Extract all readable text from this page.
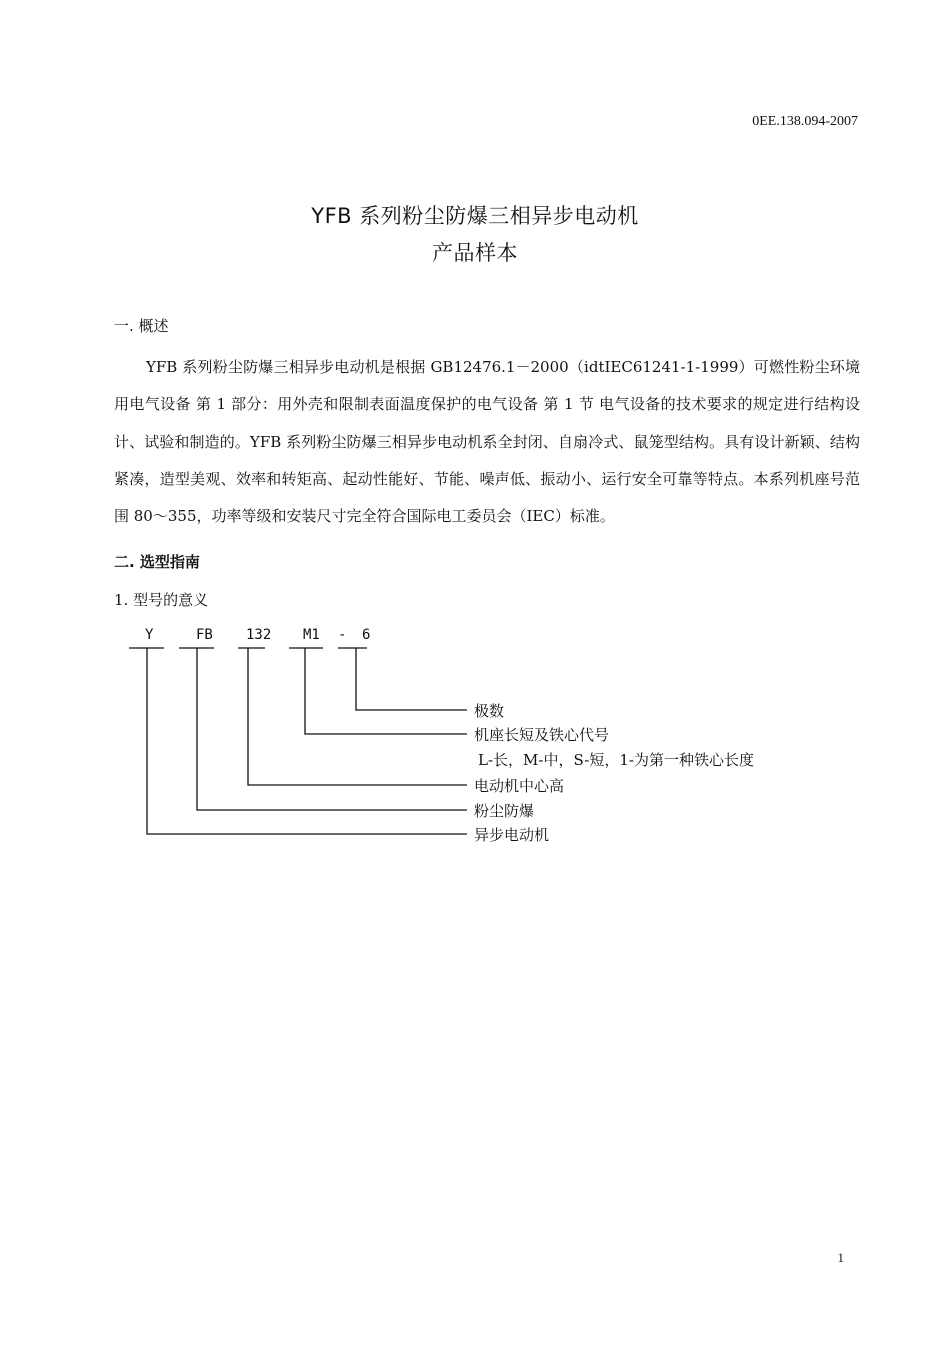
0EE.138.094-2007
YFB 系列粉尘防爆三相异步电动机
产品样本
一. 概述
YFB 系列粉尘防爆三相异步电动机是根据 GB12476.1－2000（idtIEC61241-1-1999）可燃性粉尘环境用电气设备 第 1 部分：用外壳和限制表面温度保护的电气设备 第 1 节 电气设备的技术要求的规定进行结构设计、试验和制造的。YFB 系列粉尘防爆三相异步电动机系全封闭、自扇冷式、鼠笼型结构。具有设计新颖、结构紧凑，造型美观、效率和转矩高、起动性能好、节能、噪声低、振动小、运行安全可靠等特点。本系列机座号范围 80～355，功率等级和安装尺寸完全符合国际电工委员会（IEC）标准。
二. 选型指南
1. 型号的意义
Y	FB 132 M1 - 6
极数
机座长短及铁心代号
L-长，M-中，S-短，1-为第一种铁心长度
电动机中心高
粉尘防爆
异步电动机
1
